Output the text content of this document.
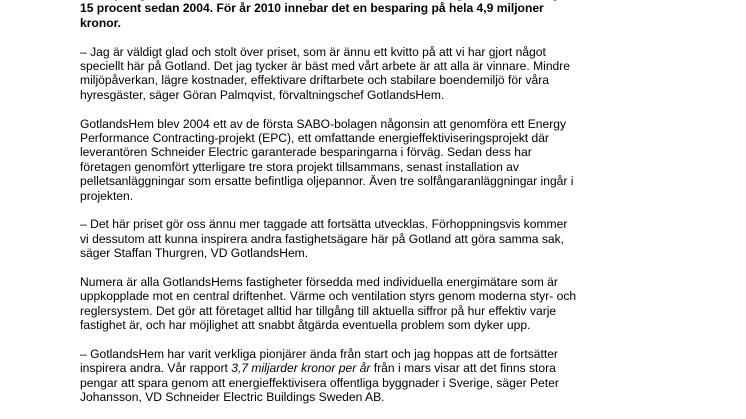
15 procent sedan 2004. För år 2010 innebar det en besparing på hela 4,9 miljoner
kronor.
– Jag är väldigt glad och stolt över priset, som är ännu ett kvitto på att vi har gjort något
speciellt här på Gotland. Det jag tycker är bäst med vårt arbete är att alla är vinnare. Mindre
miljöpåverkan, lägre kostnader, effektivare driftarbete och stabilare boendemiljö för våra
hyresgäster, säger Göran Palmqvist, förvaltningschef GotlandsHem.
GotlandsHem blev 2004 ett av de första SABO-bolagen någonsin att genomföra ett Energy
Performance Contracting-projekt (EPC), ett omfattande energieffektiviseringsprojekt där
leverantören Schneider Electric garanterade besparingarna i förväg. Sedan dess har
företagen genomfört ytterligare tre stora projekt tillsammans, senast installation av
pelletsanläggningar som ersatte befintliga oljepannor. Även tre solfångaranläggningar ingår i
projekten.
– Det här priset gör oss ännu mer taggade att fortsätta utvecklas. Förhoppningsvis kommer
vi dessutom att kunna inspirera andra fastighetsägare här på Gotland att göra samma sak,
säger Staffan Thurgren, VD GotlandsHem.
Numera är alla GotlandsHems fastigheter försedda med individuella energimätare som är
uppkopplade mot en central driftenhet. Värme och ventilation styrs genom moderna styr- och
reglersystem. Det gör att företaget alltid har tillgång till aktuella siffror på hur effektiv varje
fastighet är, och har möjlighet att snabbt åtgärda eventuella problem som dyker upp.
– GotlandsHem har varit verkliga pionjärer ända från start och jag hoppas att de fortsätter
inspirera andra. Vår rapport 3,7 miljarder kronor per år från i mars visar att det finns stora
pengar att spara genom att energieffektivisera offentliga byggnader i Sverige, säger Peter
Johansson, VD Schneider Electric Buildings Sweden AB.
